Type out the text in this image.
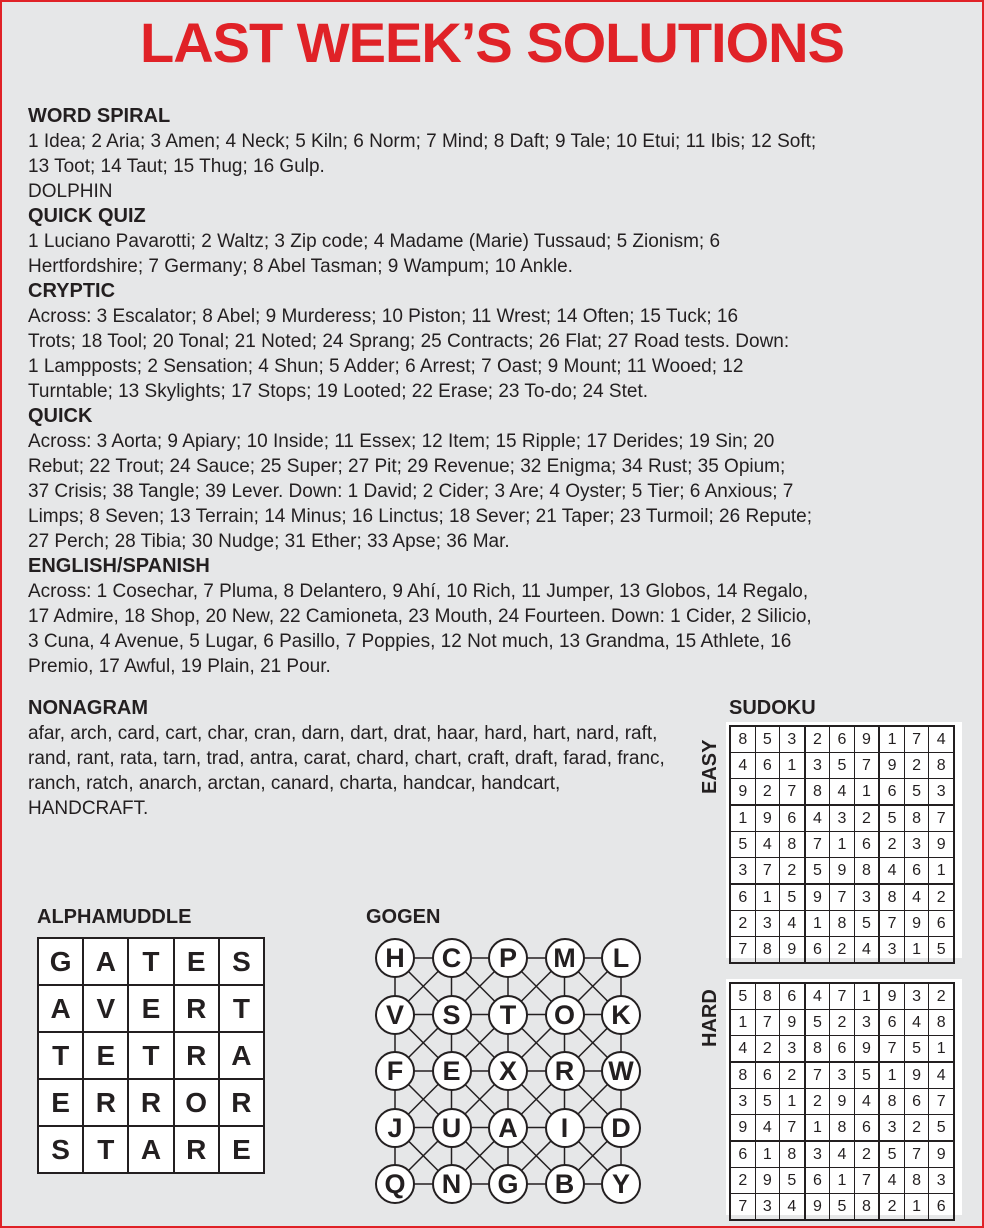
LAST WEEK’S SOLUTIONS
WORD SPIRAL
1 Idea; 2 Aria; 3 Amen; 4 Neck; 5 Kiln; 6 Norm; 7 Mind; 8 Daft; 9 Tale; 10 Etui; 11 Ibis; 12 Soft;
13 Toot; 14 Taut; 15 Thug; 16 Gulp.
DOLPHIN
QUICK QUIZ
1 Luciano Pavarotti; 2 Waltz; 3 Zip code; 4 Madame (Marie) Tussaud; 5 Zionism; 6
Hertfordshire; 7 Germany; 8 Abel Tasman; 9 Wampum; 10 Ankle.
CRYPTIC
Across: 3 Escalator; 8 Abel; 9 Murderess; 10 Piston; 11 Wrest; 14 Often; 15 Tuck; 16
Trots; 18 Tool; 20 Tonal; 21 Noted; 24 Sprang; 25 Contracts; 26 Flat; 27 Road tests. Down:
1 Lampposts; 2 Sensation; 4 Shun; 5 Adder; 6 Arrest; 7 Oast; 9 Mount; 11 Wooed; 12
Turntable; 13 Skylights; 17 Stops; 19 Looted; 22 Erase; 23 To-do; 24 Stet.
QUICK
Across: 3 Aorta; 9 Apiary; 10 Inside; 11 Essex; 12 Item; 15 Ripple; 17 Derides; 19 Sin; 20
Rebut; 22 Trout; 24 Sauce; 25 Super; 27 Pit; 29 Revenue; 32 Enigma; 34 Rust; 35 Opium;
37 Crisis; 38 Tangle; 39 Lever. Down: 1 David; 2 Cider; 3 Are; 4 Oyster; 5 Tier; 6 Anxious; 7
Limps; 8 Seven; 13 Terrain; 14 Minus; 16 Linctus; 18 Sever; 21 Taper; 23 Turmoil; 26 Repute;
27 Perch; 28 Tibia; 30 Nudge; 31 Ether; 33 Apse; 36 Mar.
ENGLISH/SPANISH
Across: 1 Cosechar, 7 Pluma, 8 Delantero, 9 Ahí, 10 Rich, 11 Jumper, 13 Globos, 14 Regalo,
17 Admire, 18 Shop, 20 New, 22 Camioneta, 23 Mouth, 24 Fourteen. Down: 1 Cider, 2 Silicio,
3 Cuna, 4 Avenue, 5 Lugar, 6 Pasillo, 7 Poppies, 12 Not much, 13 Grandma, 15 Athlete, 16
Premio, 17 Awful, 19 Plain, 21 Pour.
NONAGRAM
afar, arch, card, cart, char, cran, darn, dart, drat, haar, hard, hart, nard, raft, rand, rant, rata, tarn, trad, antra, carat, chard, chart, craft, draft, farad, franc, ranch, ratch, anarch, arctan, canard, charta, handcar, handcart, HANDCRAFT.
SUDOKU
EASY
8	5	3	2	6	9	1	7	4
4	6	1	3	5	7	9	2	8
9	2	7	8	4	1	6	5	3
1	9	6	4	3	2	5	8	7
5	4	8	7	1	6	2	3	9
3	7	2	5	9	8	4	6	1
6	1	5	9	7	3	8	4	2
2	3	4	1	8	5	7	9	6
7	8	9	6	2	4	3	1	5
HARD 5	8	6	4	7	1	9	3	2
1	7	9	5	2	3	6	4	8
4	2	3	8	6	9	7	5	1
8	6	2	7	3	5	1	9	4
3	5	1	2	9	4	8	6	7
9	4	7	1	8	6	3	2	5
6	1	8	3	4	2	5	7	9
2	9	5	6	1	7	4	8	3
7	3	4	9	5	8	2	1	6
ALPHAMUDDLE
G	A	T	E	S
A	V	E	R	T
T	E	T	R	A
E	R	R	O	R
S	T	A	R	E
GOGEN
H	C	P	M	L
V	S	T	O	K
F	E	X	R	W
J	U	A	I	D
Q	N	G	B	Y
